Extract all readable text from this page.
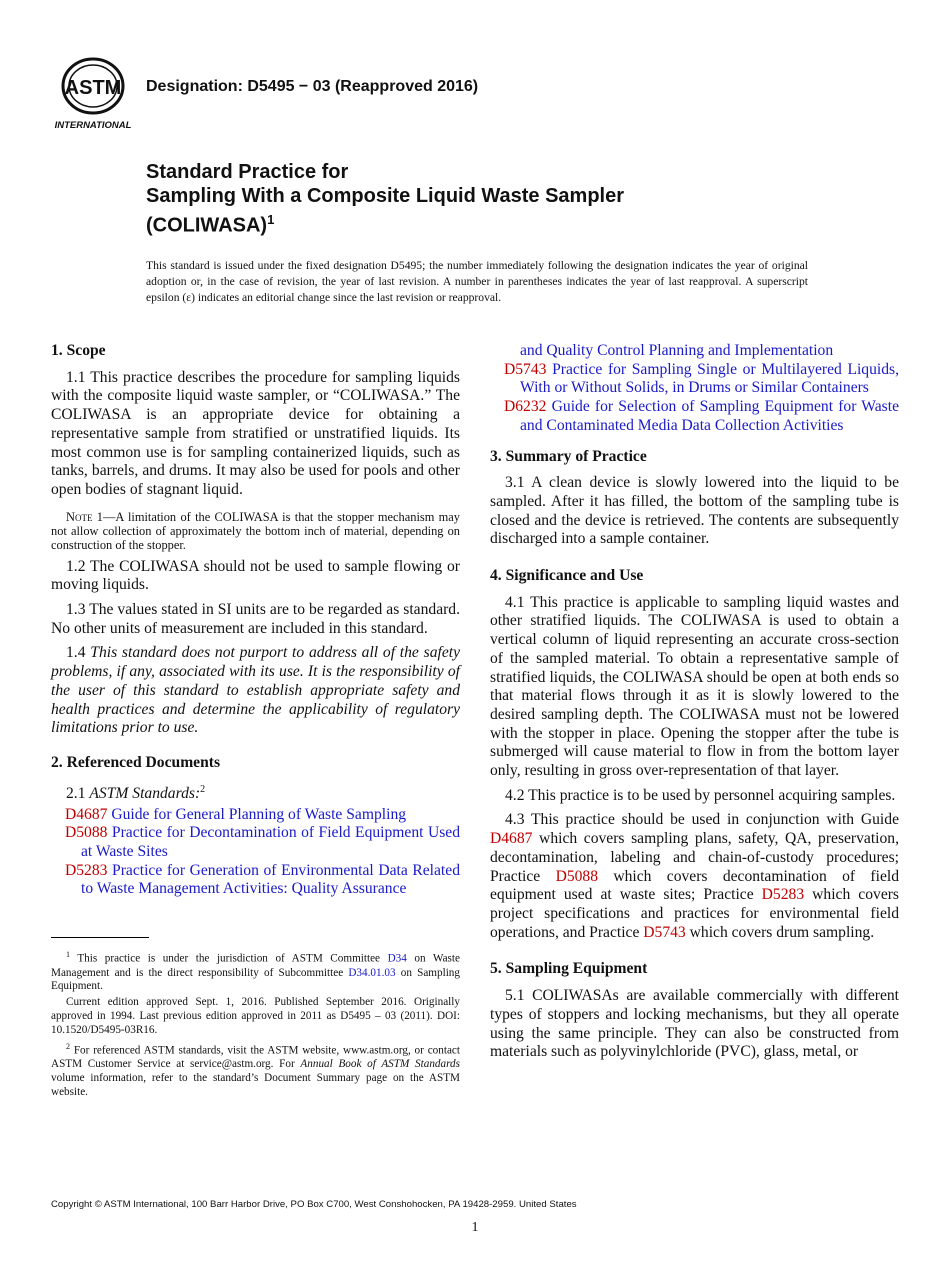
ASTM
INTERNATIONAL
Designation: D5495 − 03 (Reapproved 2016)
Standard Practice for
Sampling With a Composite Liquid Waste Sampler
(COLIWASA)$^1$
This standard is issued under the fixed designation D5495; the number immediately following the designation indicates the year of original adoption or, in the case of revision, the year of last revision. A number in parentheses indicates the year of last reapproval. A superscript epsilon (ε) indicates an editorial change since the last revision or reapproval.
1. Scope

1.1 This practice describes the procedure for sampling liquids with the composite liquid waste sampler, or “COLIWASA.” The COLIWASA is an appropriate device for obtaining a representative sample from stratified or unstratified liquids. Its most common use is for sampling containerized liquids, such as tanks, barrels, and drums. It may also be used for pools and other open bodies of stagnant liquid.

Note 1—A limitation of the COLIWASA is that the stopper mechanism may not allow collection of approximately the bottom inch of material, depending on construction of the stopper.

1.2 The COLIWASA should not be used to sample flowing or moving liquids.

1.3 The values stated in SI units are to be regarded as standard. No other units of measurement are included in this standard.

1.4 This standard does not purport to address all of the safety problems, if any, associated with its use. It is the responsibility of the user of this standard to establish appropriate safety and health practices and determine the applicability of regulatory limitations prior to use.

2. Referenced Documents

2.1 ASTM Standards:$^2$

D4687 Guide for General Planning of Waste Sampling

D5088 Practice for Decontamination of Field Equipment Used at Waste Sites

D5283 Practice for Generation of Environmental Data Related to Waste Management Activities: Quality Assurance

$^1$ This practice is under the jurisdiction of ASTM Committee D34 on Waste Management and is the direct responsibility of Subcommittee D34.01.03 on Sampling Equipment.

Current edition approved Sept. 1, 2016. Published September 2016. Originally approved in 1994. Last previous edition approved in 2011 as D5495 – 03 (2011). DOI: 10.1520/D5495-03R16.

$^2$ For referenced ASTM standards, visit the ASTM website, www.astm.org, or contact ASTM Customer Service at service@astm.org. For Annual Book of ASTM Standards volume information, refer to the standard’s Document Summary page on the ASTM website.

and Quality Control Planning and Implementation

D5743 Practice for Sampling Single or Multilayered Liquids, With or Without Solids, in Drums or Similar Containers

D6232 Guide for Selection of Sampling Equipment for Waste and Contaminated Media Data Collection Activities

3. Summary of Practice

3.1 A clean device is slowly lowered into the liquid to be sampled. After it has filled, the bottom of the sampling tube is closed and the device is retrieved. The contents are subsequently discharged into a sample container.

4. Significance and Use

4.1 This practice is applicable to sampling liquid wastes and other stratified liquids. The COLIWASA is used to obtain a vertical column of liquid representing an accurate cross-section of the sampled material. To obtain a representative sample of stratified liquids, the COLIWASA should be open at both ends so that material flows through it as it is slowly lowered to the desired sampling depth. The COLIWASA must not be lowered with the stopper in place. Opening the stopper after the tube is submerged will cause material to flow in from the bottom layer only, resulting in gross over-representation of that layer.

4.2 This practice is to be used by personnel acquiring samples.

4.3 This practice should be used in conjunction with Guide D4687 which covers sampling plans, safety, QA, preservation, decontamination, labeling and chain-of-custody procedures; Practice D5088 which covers decontamination of field equipment used at waste sites; Practice D5283 which covers project specifications and practices for environmental field operations, and Practice D5743 which covers drum sampling.

5. Sampling Equipment

5.1 COLIWASAs are available commercially with different types of stoppers and locking mechanisms, but they all operate using the same principle. They can also be constructed from materials such as polyvinylchloride (PVC), glass, metal, or

Copyright © ASTM International, 100 Barr Harbor Drive, PO Box C700, West Conshohocken, PA 19428-2959. United States
1
